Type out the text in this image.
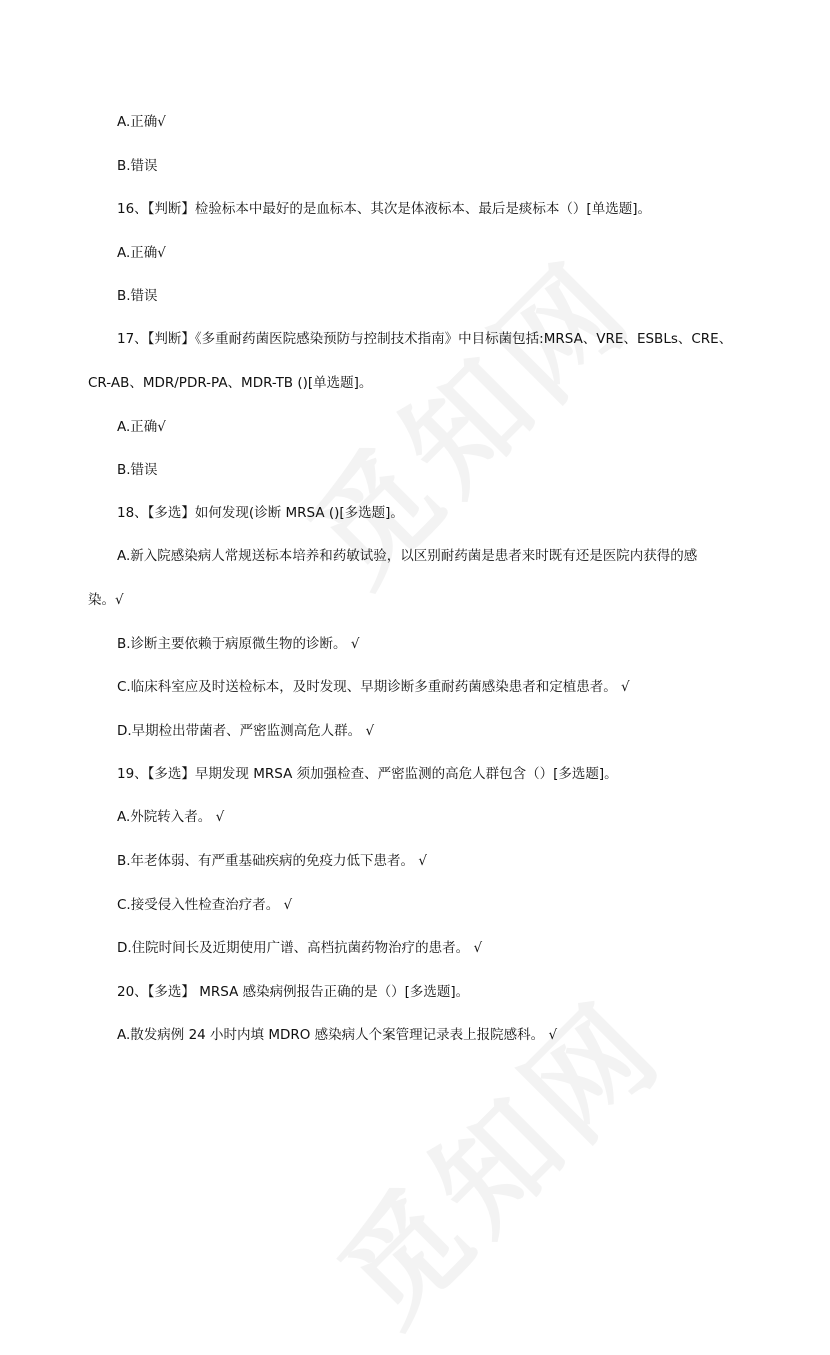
A.正确√
B.错误
16、【判断】检验标本中最好的是血标本、其次是体液标本、最后是痰标本（）[单选题]。
A.正确√
B.错误
17、【判断】《多重耐药菌医院感染预防与控制技术指南》中目标菌包括:MRSA、VRE、ESBLs、CRE、
CR-AB、MDR/PDR-PA、MDR-TB ()[单选题]。
A.正确√
B.错误
18、【多选】如何发现(诊断 MRSA ()[多选题]。
A.新入院感染病人常规送标本培养和药敏试验，以区别耐药菌是患者来时既有还是医院内获得的感
染。√
B.诊断主要依赖于病原微生物的诊断。 √
C.临床科室应及时送检标本，及时发现、早期诊断多重耐药菌感染患者和定植患者。 √
D.早期检出带菌者、严密监测高危人群。 √
19、【多选】早期发现 MRSA 须加强检查、严密监测的高危人群包含（）[多选题]。
A.外院转入者。 √
B.年老体弱、有严重基础疾病的免疫力低下患者。 √
C.接受侵入性检查治疗者。 √
D.住院时间长及近期使用广谱、高档抗菌药物治疗的患者。 √
20、【多选】 MRSA 感染病例报告正确的是（）[多选题]。
A.散发病例 24 小时内填 MDRO 感染病人个案管理记录表上报院感科。 √
